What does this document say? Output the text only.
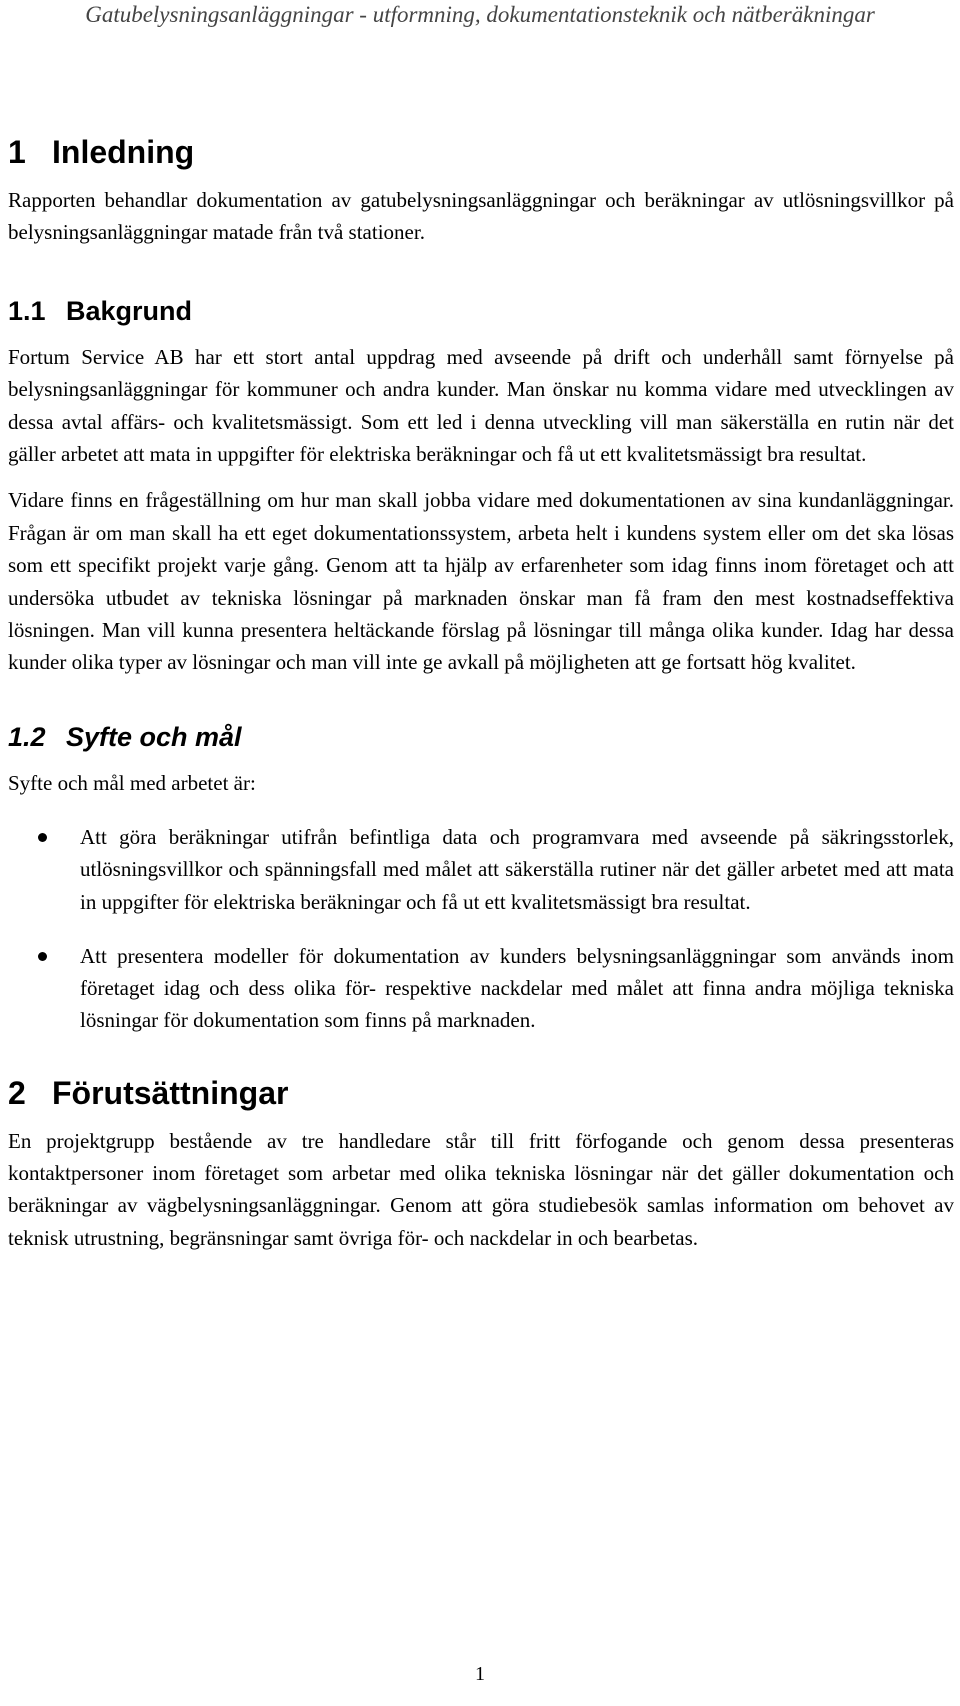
Gatubelysningsanläggningar - utformning, dokumentationsteknik och nätberäkningar
1 Inledning

Rapporten behandlar dokumentation av gatubelysningsanläggningar och beräkningar av utlösningsvillkor på belysningsanläggningar matade från två stationer.

1.1 Bakgrund

Fortum Service AB har ett stort antal uppdrag med avseende på drift och underhåll samt förnyelse på belysningsanläggningar för kommuner och andra kunder. Man önskar nu komma vidare med utvecklingen av dessa avtal affärs- och kvalitetsmässigt. Som ett led i denna utveckling vill man säkerställa en rutin när det gäller arbetet att mata in uppgifter för elektriska beräkningar och få ut ett kvalitetsmässigt bra resultat.

Vidare finns en frågeställning om hur man skall jobba vidare med dokumentationen av sina kundanläggningar. Frågan är om man skall ha ett eget dokumentationssystem, arbeta helt i kundens system eller om det ska lösas som ett specifikt projekt varje gång. Genom att ta hjälp av erfarenheter som idag finns inom företaget och att undersöka utbudet av tekniska lösningar på marknaden önskar man få fram den mest kostnadseffektiva lösningen. Man vill kunna presentera heltäckande förslag på lösningar till många olika kunder. Idag har dessa kunder olika typer av lösningar och man vill inte ge avkall på möjligheten att ge fortsatt hög kvalitet.

1.2 Syfte och mål

Syfte och mål med arbetet är:

Att göra beräkningar utifrån befintliga data och programvara med avseende på säkringsstorlek, utlösningsvillkor och spänningsfall med målet att säkerställa rutiner när det gäller arbetet med att mata in uppgifter för elektriska beräkningar och få ut ett kvalitetsmässigt bra resultat.
Att presentera modeller för dokumentation av kunders belysningsanläggningar som används inom företaget idag och dess olika för- respektive nackdelar med målet att finna andra möjliga tekniska lösningar för dokumentation som finns på marknaden.
2 Förutsättningar

En projektgrupp bestående av tre handledare står till fritt förfogande och genom dessa presenteras kontaktpersoner inom företaget som arbetar med olika tekniska lösningar när det gäller dokumentation och beräkningar av vägbelysningsanläggningar. Genom att göra studiebesök samlas information om behovet av teknisk utrustning, begränsningar samt övriga för- och nackdelar in och bearbetas.

1
